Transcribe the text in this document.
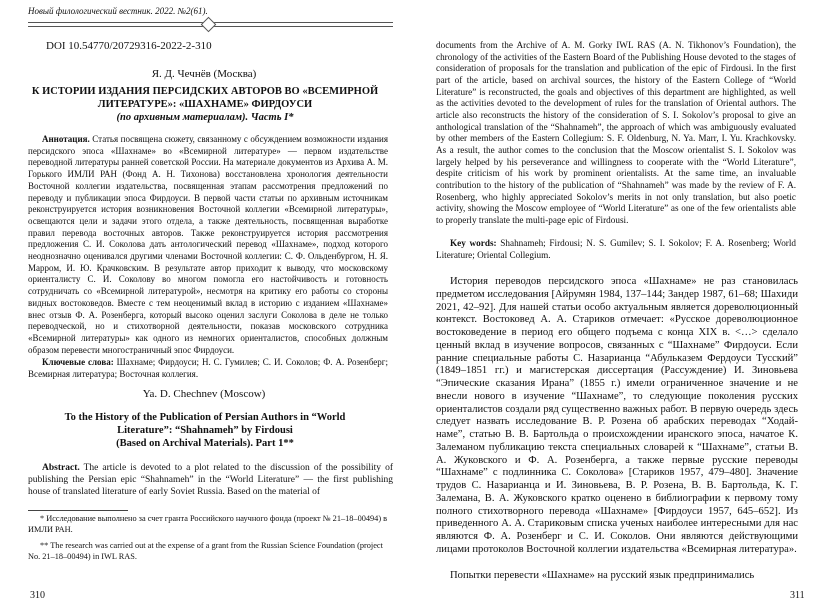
Новый филологический вестник. 2022. №2(61).
DOI 10.54770/20729316-2022-2-310
Я. Д. Чечнёв (Москва)
К ИСТОРИИ ИЗДАНИЯ ПЕРСИДСКИХ АВТОРОВ ВО «ВСЕМИРНОЙ ЛИТЕРАТУРЕ»: «ШАХНАМЕ» ФИРДОУСИ
(по архивным материалам). Часть I*

Аннотация. Статья посвящена сюжету, связанному с обсуждением возможности издания персидского эпоса «Шахнаме» во «Всемирной литературе» — первом издательстве переводной литературы ранней советской России. На материале документов из Архива А. М. Горького ИМЛИ РАН (Фонд А. Н. Тихонова) восстановлена хронология деятельности Восточной коллегии издательства, посвященная этапам рассмотрения предложений по переводу и публикации эпоса Фирдоуси. В первой части статьи по архивным источникам реконструируется история возникновения Восточной коллегии «Всемирной литературы», освещаются цели и задачи этого отдела, а также деятельность, посвященная выработке правил перевода восточных авторов. Также реконструируется история рассмотрения предложения С. И. Соколова дать антологический перевод «Шахнаме», подход которого неоднозначно оценивался другими членами Восточной коллегии: С. Ф. Ольденбургом, Н. Я. Марром, И. Ю. Крачковским. В результате автор приходит к выводу, что московскому ориенталисту С. И. Соколову во многом помогла его настойчивость и готовность сотрудничать со «Всемирной литературой», несмотря на критику его работы со стороны видных востоковедов. Вместе с тем неоценимый вклад в историю с изданием «Шахнаме» внес отзыв Ф. А. Розенберга, который высоко оценил заслуги Соколова в деле не только переводческой, но и стихотворной деятельности, показав московского сотрудника «Всемирной литературы» как одного из немногих ориенталистов, способных должным образом перевести многостраничный эпос Фирдоуси.

Ключевые слова: Шахнаме; Фирдоуси; Н. С. Гумилев; С. И. Соколов; Ф. А. Розенберг; Всемирная литература; Восточная коллегия.

Ya. D. Chechnev (Moscow)
To the History of the Publication of Persian Authors in “World Literature”: “Shahnameh” by Firdousi
(Based on Archival Materials). Part 1**

Abstract. The article is devoted to a plot related to the discussion of the possibility of publishing the Persian epic “Shahnameh” in the “World Literature” — the first publishing house of translated literature of early Soviet Russia. Based on the material of

* Исследование выполнено за счет гранта Российского научного фонда (проект № 21–18–00494) в ИМЛИ РАН.

** The research was carried out at the expense of a grant from the Russian Science Foundation (project No. 21–18–00494) in IWL RAS.

310

documents from the Archive of A. M. Gorky IWL RAS (A. N. Tikhonov’s Foundation), the chronology of the activities of the Eastern Board of the Publishing House devoted to the stages of consideration of proposals for the translation and publication of the epic of Firdousi. In the first part of the article, based on archival sources, the history of the Eastern College of “World Literature” is reconstructed, the goals and objectives of this department are highlighted, as well as the activities devoted to the development of rules for the translation of Oriental authors. The article also reconstructs the history of the consideration of S. I. Sokolov’s proposal to give an anthological translation of the “Shahnameh”, the approach of which was ambiguously evaluated by other members of the Eastern Collegium: S. F. Oldenburg, N. Ya. Marr, I. Yu. Krachkovsky. As a result, the author comes to the conclusion that the Moscow orientalist S. I. Sokolov was largely helped by his perseverance and willingness to cooperate with the “World Literature”, despite criticism of his work by prominent orientalists. At the same time, an invaluable contribution to the history of the publication of “Shahnameh” was made by the review of F. A. Rosenberg, who highly appreciated Sokolov’s merits in not only translation, but also poetic activity, showing the Moscow employee of “World Literature” as one of the few orientalists able to properly translate the multi-page epic of Firdousi.

Key words: Shahnameh; Firdousi; N. S. Gumilev; S. I. Sokolov; F. A. Rosenberg; World Literature; Oriental Collegium.

История переводов персидского эпоса «Шахнаме» не раз становилась предметом исследования [Айрумян 1984, 137–144; Зандер 1987, 61–68; Шахиди 2021, 42–92]. Для нашей статьи особо актуальным является дореволюционный контекст. Востоковед А. А. Стариков отмечает: «Русское дореволюционное востоковедение в период его общего подъема с конца XIX в. <…> сделало ценный вклад в изучение вопросов, связанных с “Шахнаме” Фирдоуси. Если ранние специальные работы С. Назарианца “Абульказем Фердоуси Тусский” (1849–1851 гг.) и магистерская диссертация (Рассуждение) И. Зиновьева “Эпические сказания Ирана” (1855 г.) имели ограниченное значение и не внесли нового в изучение “Шахнаме”, то следующие поколения русских ориенталистов создали ряд существенно важных работ. В первую очередь здесь следует назвать исследование В. Р. Розена об арабских переводах “Ходай-наме”, статью В. В. Бартольда о происхождении иранского эпоса, начатое К. Залеманом публикацию текста специальных словарей к “Шахнаме”, статьи В. А. Жуковского и Ф. А. Розенберга, а также первые русские переводы “Шахнаме” с подлинника С. Соколова» [Стариков 1957, 479–480]. Значение трудов С. Назарианца и И. Зиновьева, В. Р. Розена, В. В. Бартольда, К. Г. Залемана, В. А. Жуковского кратко оценено в библиографии к первому тому полного стихотворного перевода «Шахнаме» [Фирдоуси 1957, 645–652]. Из приведенного А. А. Стариковым списка ученых наиболее интересными для нас являются Ф. А. Розенберг и С. И. Соколов. Они являются действующими лицами протоколов Восточной коллегии издательства «Всемирная литература».

Попытки перевести «Шахнаме» на русский язык предпринимались

311
